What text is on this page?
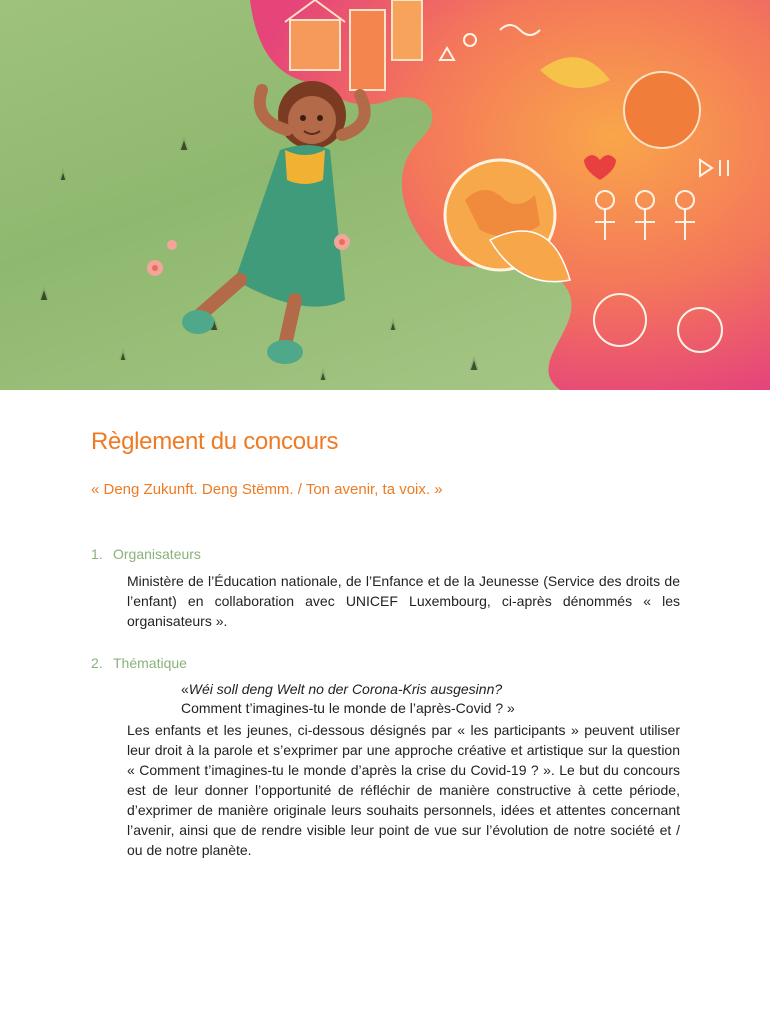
Règlement du concours

« Deng Zukunft. Deng Stëmm. / Ton avenir, ta voix. »

1. Organisateurs

Ministère de l’Éducation nationale, de l’Enfance et de la Jeunesse (Service des droits de l’enfant) en collaboration avec UNICEF Luxembourg, ci-après dénommés « les organisateurs ».

2. Thématique

«Wéi soll deng Welt no der Corona-Kris ausgesinn?
Comment t’imagines-tu le monde de l’après-Covid ? »

Les enfants et les jeunes, ci-dessous désignés par « les participants » peuvent utiliser leur droit à la parole et s’exprimer par une approche créative et artistique sur la question « Comment t’imagines-tu le monde d’après la crise du Covid-19 ? ». Le but du concours est de leur donner l’opportunité de réfléchir de manière constructive à cette période, d’exprimer de manière originale leurs souhaits personnels, idées et attentes concernant l’avenir, ainsi que de rendre visible leur point de vue sur l’évolution de notre société et / ou de notre planète.
